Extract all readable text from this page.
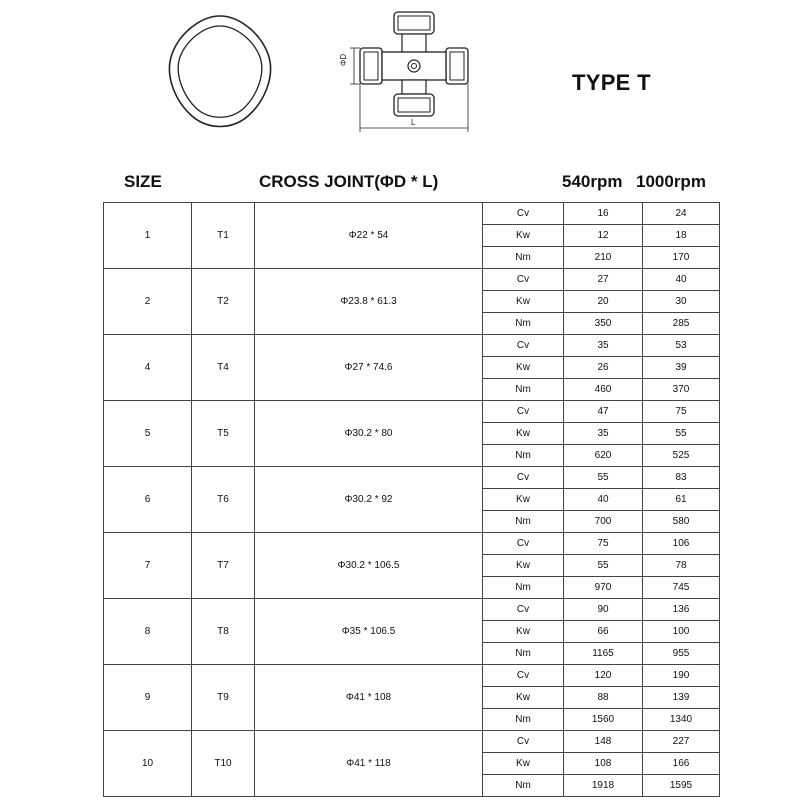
ΦD
L
TYPE T
SIZE	CROSS JOINT(ΦD * L)	540rpm 1000rpm
1	T1	Φ22 * 54	Cv	16	24
			Kw	12	18
			Nm	210	170
2	T2	Φ23.8 * 61.3	Cv	27	40
			Kw	20	30
			Nm	350	285
4	T4	Φ27 * 74.6	Cv	35	53
			Kw	26	39
			Nm	460	370
5	T5	Φ30.2 * 80	Cv	47	75
			Kw	35	55
			Nm	620	525
6	T6	Φ30.2 * 92	Cv	55	83
			Kw	40	61
			Nm	700	580
7	T7	Φ30.2 * 106.5	Cv	75	106
			Kw	55	78
			Nm	970	745
8	T8	Φ35 * 106.5	Cv	90	136
			Kw	66	100
			Nm	1165	955
9	T9	Φ41 * 108	Cv	120	190
			Kw	88	139
			Nm	1560	1340
10	T10	Φ41 * 118	Cv	148	227
			Kw	108	166
			Nm	1918	1595
